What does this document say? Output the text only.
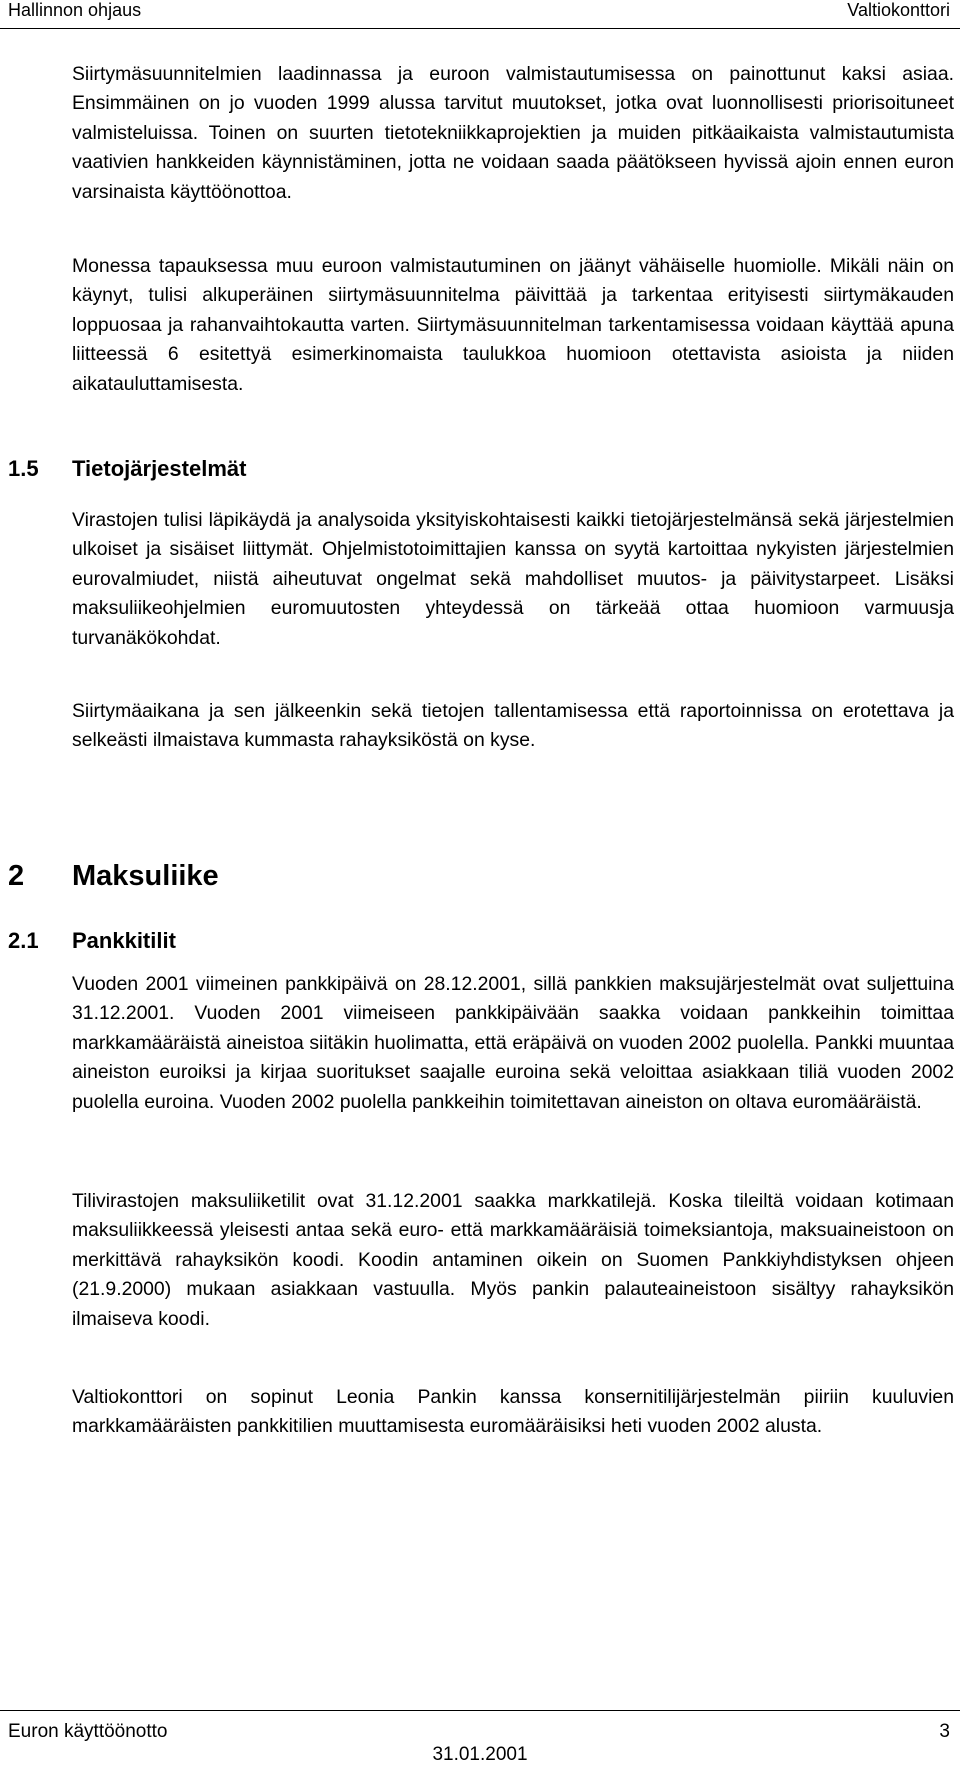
Hallinnon ohjaus	Valtiokonttori

Siirtymäsuunnitelmien laadinnassa ja euroon valmistautumisessa on painottunut kaksi asiaa. Ensimmäinen on jo vuoden 1999 alussa tarvitut muutokset, jotka ovat luonnollisesti priorisoituneet valmisteluissa. Toinen on suurten tietotekniikkaprojektien ja muiden pitkäaikaista valmistautumista vaativien hankkeiden käynnistäminen, jotta ne voidaan saada päätökseen hyvissä ajoin ennen euron varsinaista käyttöönottoa.

Monessa tapauksessa muu euroon valmistautuminen on jäänyt vähäiselle huomiolle. Mikäli näin on käynyt, tulisi alkuperäinen siirtymäsuunnitelma päivittää ja tarkentaa erityisesti siirtymäkauden loppuosaa ja rahanvaihtokautta varten. Siirtymäsuunnitelman tarkentamisessa voidaan käyttää apuna liitteessä 6 esitettyä esimerkinomaista taulukkoa huomioon otettavista asioista ja niiden aikatauluttamisesta.

1.5 Tietojärjestelmät

Virastojen tulisi läpikäydä ja analysoida yksityiskohtaisesti kaikki tietojärjestelmänsä sekä järjestelmien ulkoiset ja sisäiset liittymät. Ohjelmistotoimittajien kanssa on syytä kartoittaa nykyisten järjestelmien eurovalmiudet, niistä aiheutuvat ongelmat sekä mahdolliset muutos- ja päivitystarpeet. Lisäksi maksuliikeohjelmien euromuutosten yhteydessä on tärkeää ottaa huomioon varmuusja turvanäkökohdat.

Siirtymäaikana ja sen jälkeenkin sekä tietojen tallentamisessa että raportoinnissa on erotettava ja selkeästi ilmaistava kummasta rahayksiköstä on kyse.

2 Maksuliike
2.1 Pankkitilit

Vuoden 2001 viimeinen pankkipäivä on 28.12.2001, sillä pankkien maksujärjestelmät ovat suljettuina 31.12.2001. Vuoden 2001 viimeiseen pankkipäivään saakka voidaan pankkeihin toimittaa markkamääräistä aineistoa siitäkin huolimatta, että eräpäivä on vuoden 2002 puolella. Pankki muuntaa aineiston euroiksi ja kirjaa suoritukset saajalle euroina sekä veloittaa asiakkaan tiliä vuoden 2002 puolella euroina. Vuoden 2002 puolella pankkeihin toimitettavan aineiston on oltava euromääräistä.

Tilivirastojen maksuliiketilit ovat 31.12.2001 saakka markkatilejä. Koska tileiltä voidaan kotimaan maksuliikkeessä yleisesti antaa sekä euro- että markkamääräisiä toimeksiantoja, maksuaineistoon on merkittävä rahayksikön koodi. Koodin antaminen oikein on Suomen Pankkiyhdistyksen ohjeen (21.9.2000) mukaan asiakkaan vastuulla. Myös pankin palauteaineistoon sisältyy rahayksikön ilmaiseva koodi.

Valtiokonttori on sopinut Leonia Pankin kanssa konsernitilijärjestelmän piiriin kuuluvien markkamääräisten pankkitilien muuttamisesta euromääräisiksi heti vuoden 2002 alusta.

Euron käyttöönotto	3
31.01.2001
